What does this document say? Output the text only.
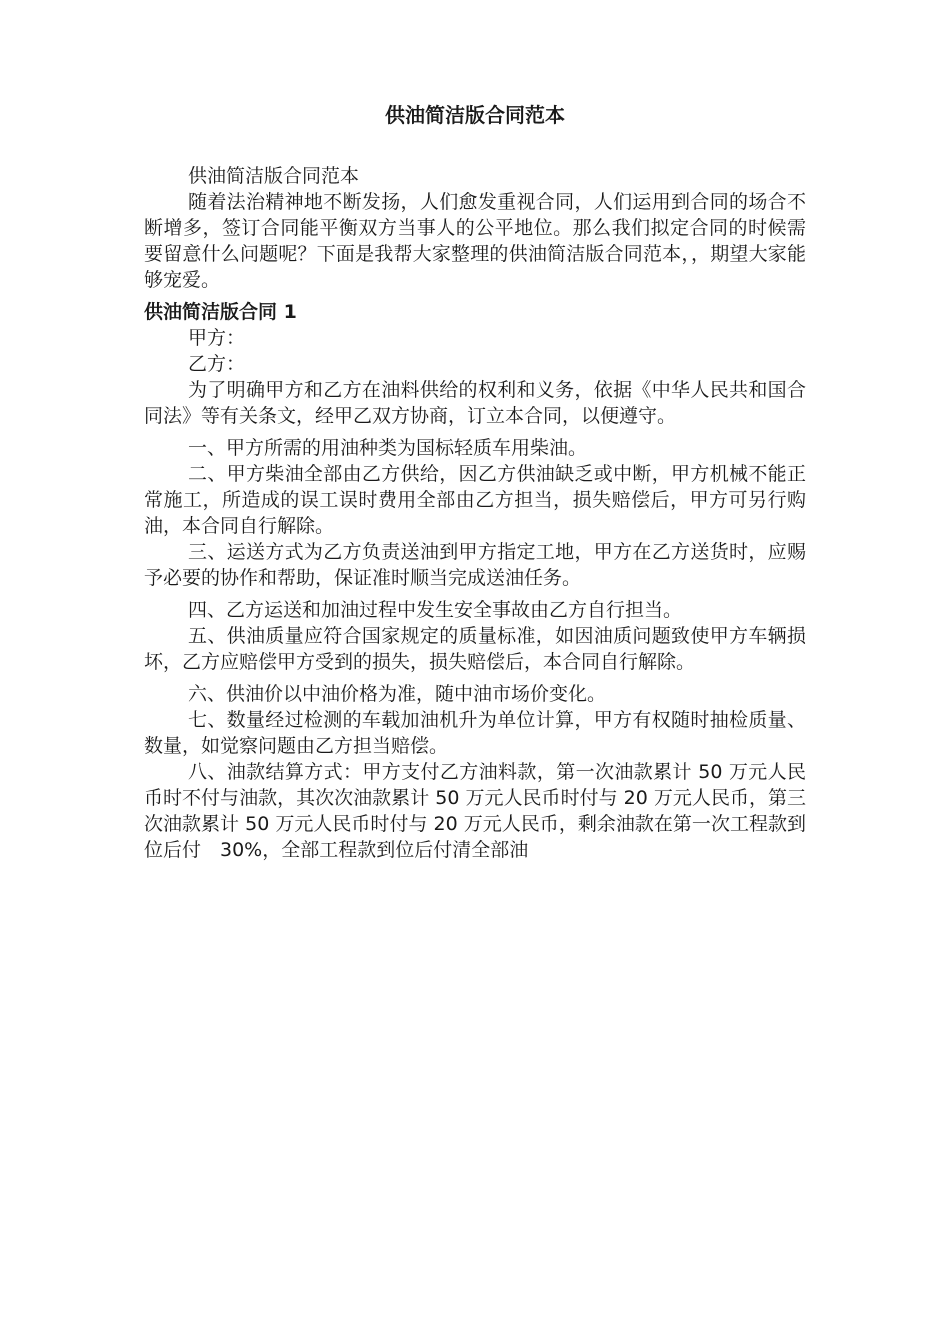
供油简洁版合同范本

供油简洁版合同范本

随着法治精神地不断发扬，人们愈发重视合同，人们运用到合同的场合不断增多，签订合同能平衡双方当事人的公平地位。那么我们拟定合同的时候需要留意什么问题呢？下面是我帮大家整理的供油简洁版合同范本，，期望大家能够宠爱。

供油简洁版合同 1

甲方：

乙方：

为了明确甲方和乙方在油料供给的权利和义务，依据《中华人民共和国合同法》等有关条文，经甲乙双方协商，订立本合同，以便遵守。

一、甲方所需的用油种类为国标轻质车用柴油。

二、甲方柴油全部由乙方供给，因乙方供油缺乏或中断，甲方机械不能正常施工，所造成的误工误时费用全部由乙方担当，损失赔偿后，甲方可另行购油，本合同自行解除。

三、运送方式为乙方负责送油到甲方指定工地，甲方在乙方送货时，应赐予必要的协作和帮助，保证准时顺当完成送油任务。

四、乙方运送和加油过程中发生安全事故由乙方自行担当。

五、供油质量应符合国家规定的质量标准，如因油质问题致使甲方车辆损坏，乙方应赔偿甲方受到的损失，损失赔偿后，本合同自行解除。

六、供油价以中油价格为准，随中油市场价变化。

七、数量经过检测的车载加油机升为单位计算，甲方有权随时抽检质量、数量，如觉察问题由乙方担当赔偿。

八、油款结算方式：甲方支付乙方油料款，第一次油款累计 50 万元人民币时不付与油款，其次次油款累计 50 万元人民币时付与 20 万元人民币，第三次油款累计 50 万元人民币时付与 20 万元人民币，剩余油款在第一次工程款到位后付　30%，全部工程款到位后付清全部油
